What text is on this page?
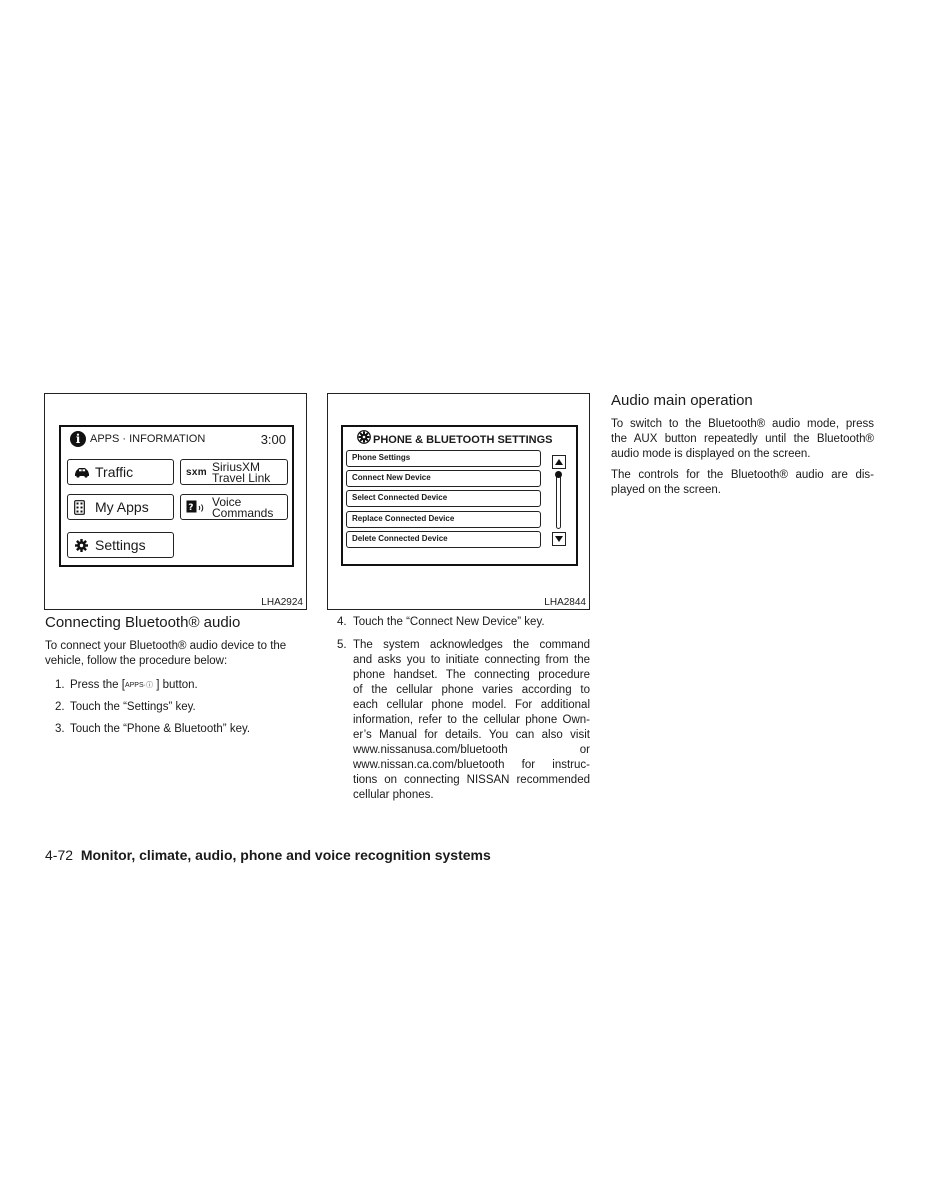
i APPS · INFORMATION	3:00
Traffic	sxm SiriusXM
Travel Link
My Apps	? Voice
Commands
Settings
LHA2924
PHONE & BLUETOOTH SETTINGS
Phone Settings
Connect New Device
Select Connected Device
Replace Connected Device
Delete Connected Device
LHA2844
Connecting Bluetooth® audio
To connect your Bluetooth® audio device to the
vehicle, follow the procedure below:
1. Press the [APPS·ⓘ ] button.
2. Touch the “Settings” key.
3. Touch the “Phone & Bluetooth” key.
4. Touch the “Connect New Device” key.
5. The system acknowledges the command
and asks you to initiate connecting from the
phone handset. The connecting procedure
of the cellular phone varies according to
each cellular phone model. For additional
information, refer to the cellular phone Own-
er’s Manual for details. You can also visit
www.nissanusa.com/bluetooth or
www.nissan.ca.com/bluetooth for instruc-
tions on connecting NISSAN recommended
cellular phones.
Audio main operation
To switch to the Bluetooth® audio mode, press
the AUX button repeatedly until the Bluetooth®
audio mode is displayed on the screen.
The controls for the Bluetooth® audio are dis-
played on the screen.
4-72 Monitor, climate, audio, phone and voice recognition systems
